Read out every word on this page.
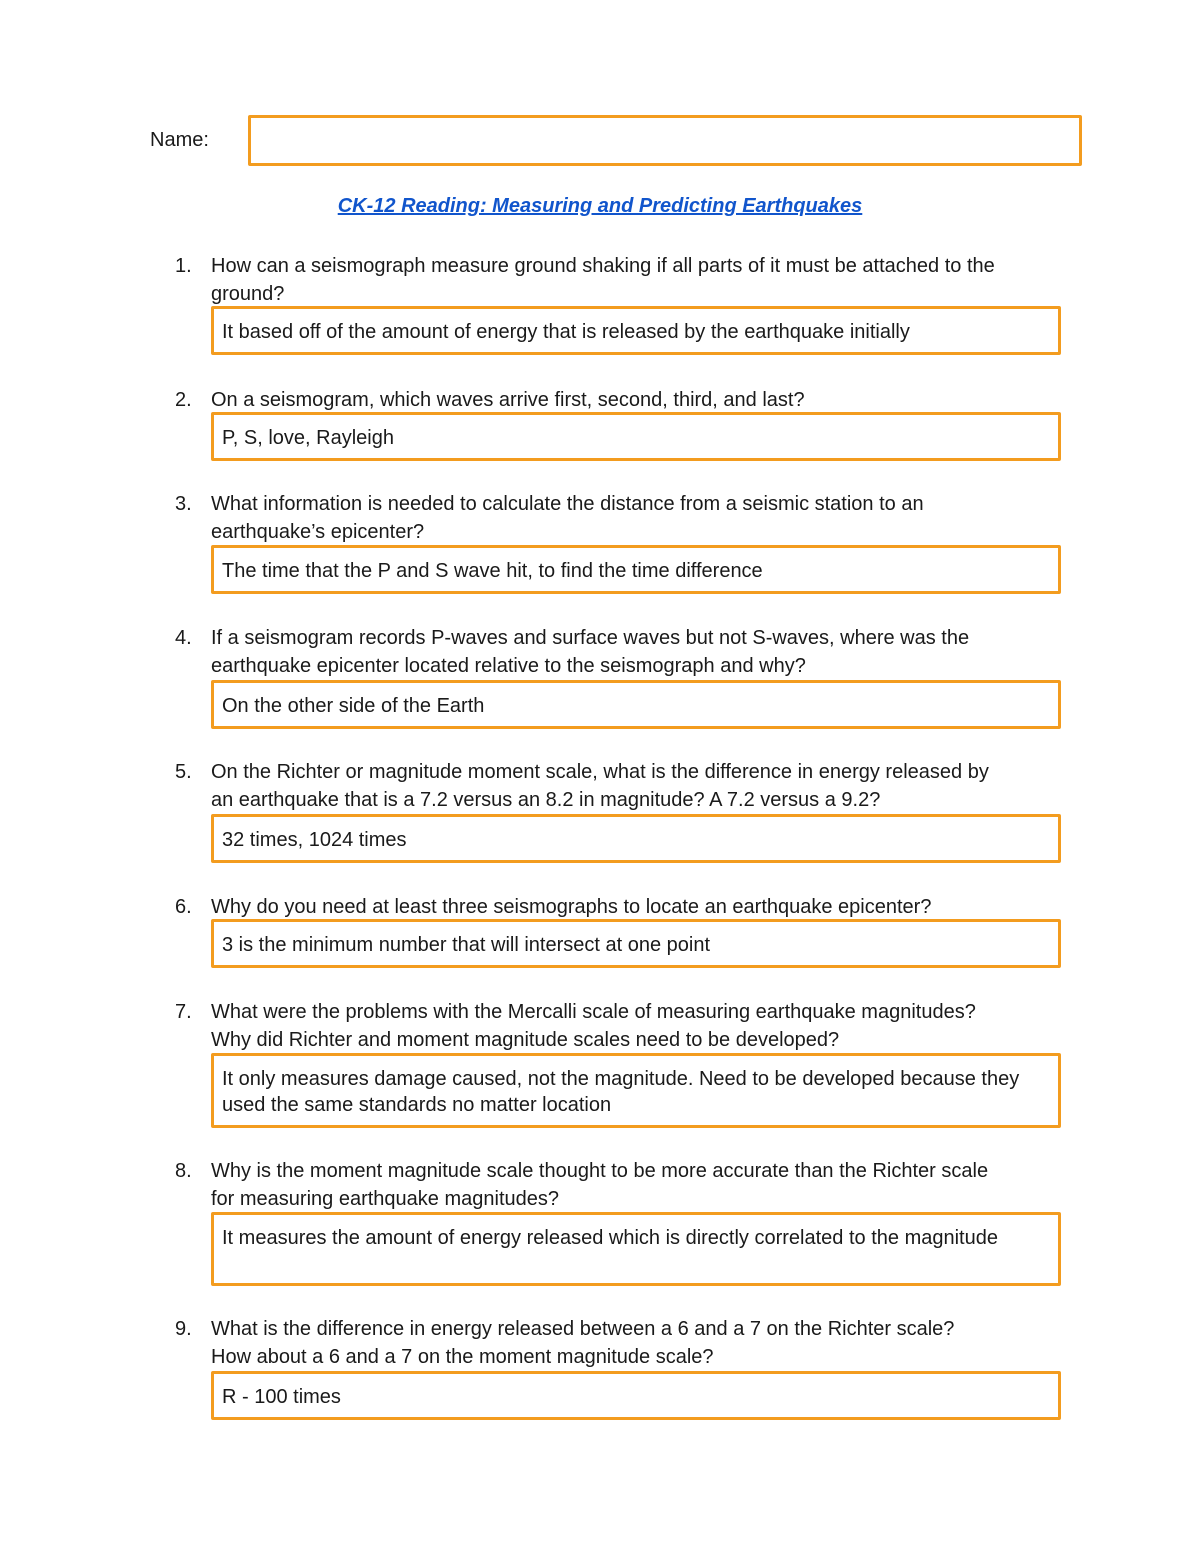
Name:
CK-12 Reading: Measuring and Predicting Earthquakes
1. How can a seismograph measure ground shaking if all parts of it must be attached to the
ground?
It based off of the amount of energy that is released by the earthquake initially
2. On a seismogram, which waves arrive first, second, third, and last?
P, S, love, Rayleigh
3. What information is needed to calculate the distance from a seismic station to an
earthquake’s epicenter?
The time that the P and S wave hit, to find the time difference
4. If a seismogram records P-waves and surface waves but not S-waves, where was the
earthquake epicenter located relative to the seismograph and why?
On the other side of the Earth
5. On the Richter or magnitude moment scale, what is the difference in energy released by
an earthquake that is a 7.2 versus an 8.2 in magnitude? A 7.2 versus a 9.2?
32 times, 1024 times
6. Why do you need at least three seismographs to locate an earthquake epicenter?
3 is the minimum number that will intersect at one point
7. What were the problems with the Mercalli scale of measuring earthquake magnitudes?
Why did Richter and moment magnitude scales need to be developed?
It only measures damage caused, not the magnitude. Need to be developed because they used the same standards no matter location
8. Why is the moment magnitude scale thought to be more accurate than the Richter scale
for measuring earthquake magnitudes?
It measures the amount of energy released which is directly correlated to the magnitude
9. What is the difference in energy released between a 6 and a 7 on the Richter scale?
How about a 6 and a 7 on the moment magnitude scale?
R - 100 times
